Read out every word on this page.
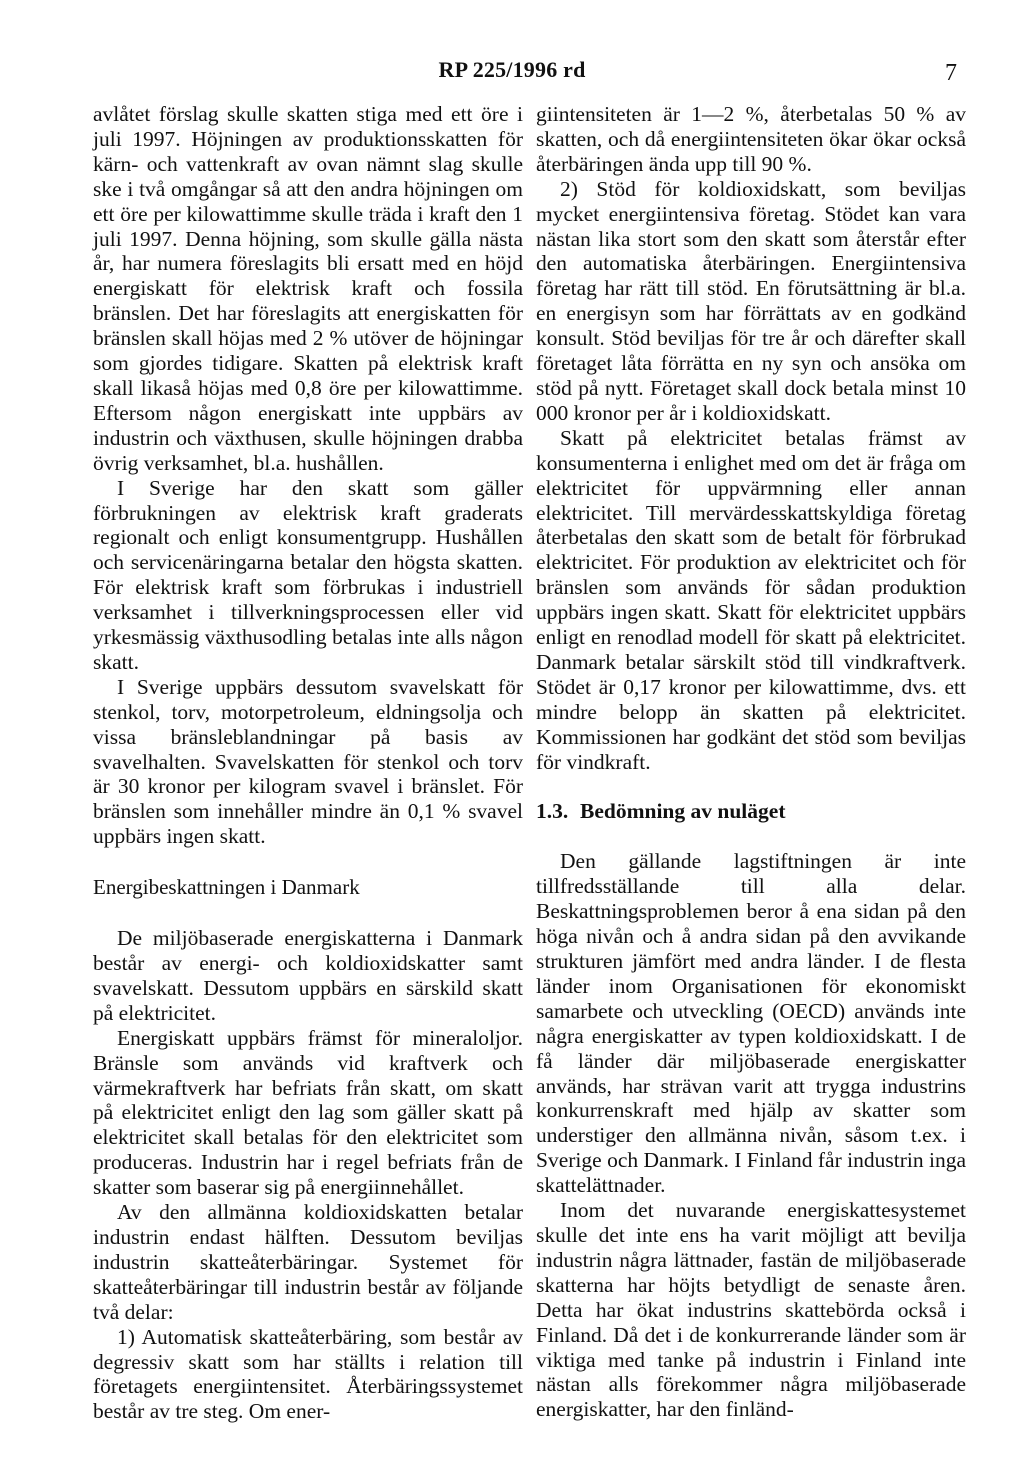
RP 225/1996 rd	7

avlåtet förslag skulle skatten stiga med ett öre i juli 1997. Höjningen av produktionsskatten för kärn- och vattenkraft av ovan nämnt slag skulle ske i två omgångar så att den andra höjningen om ett öre per kilowattimme skulle träda i kraft den 1 juli 1997. Denna höjning, som skulle gälla nästa år, har numera föreslagits bli ersatt med en höjd energiskatt för elektrisk kraft och fossila bränslen. Det har föreslagits att energiskatten för bränslen skall höjas med 2 % utöver de höjningar som gjordes tidigare. Skatten på elektrisk kraft skall likaså höjas med 0,8 öre per kilowattimme. Eftersom någon energiskatt inte uppbärs av industrin och växthusen, skulle höjningen drabba övrig verksamhet, bl.a. hushållen.

I Sverige har den skatt som gäller förbrukningen av elektrisk kraft graderats regionalt och enligt konsumentgrupp. Hushållen och servicenäringarna betalar den högsta skatten. För elektrisk kraft som förbrukas i industriell verksamhet i tillverkningsprocessen eller vid yrkesmässig växthusodling betalas inte alls någon skatt.

I Sverige uppbärs dessutom svavelskatt för stenkol, torv, motorpetroleum, eldningsolja och vissa bränsleblandningar på basis av svavelhalten. Svavelskatten för stenkol och torv är 30 kronor per kilogram svavel i bränslet. För bränslen som innehåller mindre än 0,1 % svavel uppbärs ingen skatt.

Energibeskattningen i Danmark

De miljöbaserade energiskatterna i Danmark består av energi- och koldioxidskatter samt svavelskatt. Dessutom uppbärs en särskild skatt på elektricitet.

Energiskatt uppbärs främst för mineraloljor. Bränsle som används vid kraftverk och värmekraftverk har befriats från skatt, om skatt på elektricitet enligt den lag som gäller skatt på elektricitet skall betalas för den elektricitet som produceras. Industrin har i regel befriats från de skatter som baserar sig på energiinnehållet.

Av den allmänna koldioxidskatten betalar industrin endast hälften. Dessutom beviljas industrin skatteåterbäringar. Systemet för skatteåterbäringar till industrin består av följande två delar:

1) Automatisk skatteåterbäring, som består av degressiv skatt som har ställts i relation till företagets energiintensitet. Återbäringssystemet består av tre steg. Om ener-

giintensiteten är 1—2 %, återbetalas 50 % av skatten, och då energiintensiteten ökar ökar också återbäringen ända upp till 90 %.

2) Stöd för koldioxidskatt, som beviljas mycket energiintensiva företag. Stödet kan vara nästan lika stort som den skatt som återstår efter den automatiska återbäringen. Energiintensiva företag har rätt till stöd. En förutsättning är bl.a. en energisyn som har förrättats av en godkänd konsult. Stöd beviljas för tre år och därefter skall företaget låta förrätta en ny syn och ansöka om stöd på nytt. Företaget skall dock betala minst 10 000 kronor per år i koldioxidskatt.

Skatt på elektricitet betalas främst av konsumenterna i enlighet med om det är fråga om elektricitet för uppvärmning eller annan elektricitet. Till mervärdesskattskyldiga företag återbetalas den skatt som de betalt för förbrukad elektricitet. För produktion av elektricitet och för bränslen som används för sådan produktion uppbärs ingen skatt. Skatt för elektricitet uppbärs enligt en renodlad modell för skatt på elektricitet. Danmark betalar särskilt stöd till vindkraftverk. Stödet är 0,17 kronor per kilowattimme, dvs. ett mindre belopp än skatten på elektricitet. Kommissionen har godkänt det stöd som beviljas för vindkraft.

1.3. Bedömning av nuläget

Den gällande lagstiftningen är inte tillfredsställande till alla delar. Beskattningsproblemen beror å ena sidan på den höga nivån och å andra sidan på den avvikande strukturen jämfört med andra länder. I de flesta länder inom Organisationen för ekonomiskt samarbete och utveckling (OECD) används inte några energiskatter av typen koldioxidskatt. I de få länder där miljöbaserade energiskatter används, har strävan varit att trygga industrins konkurrenskraft med hjälp av skatter som understiger den allmänna nivån, såsom t.ex. i Sverige och Danmark. I Finland får industrin inga skattelättnader.

Inom det nuvarande energiskattesystemet skulle det inte ens ha varit möjligt att bevilja industrin några lättnader, fastän de miljöbaserade skatterna har höjts betydligt de senaste åren. Detta har ökat industrins skattebörda också i Finland. Då det i de konkurrerande länder som är viktiga med tanke på industrin i Finland inte nästan alls förekommer några miljöbaserade energiskatter, har den finländ-
